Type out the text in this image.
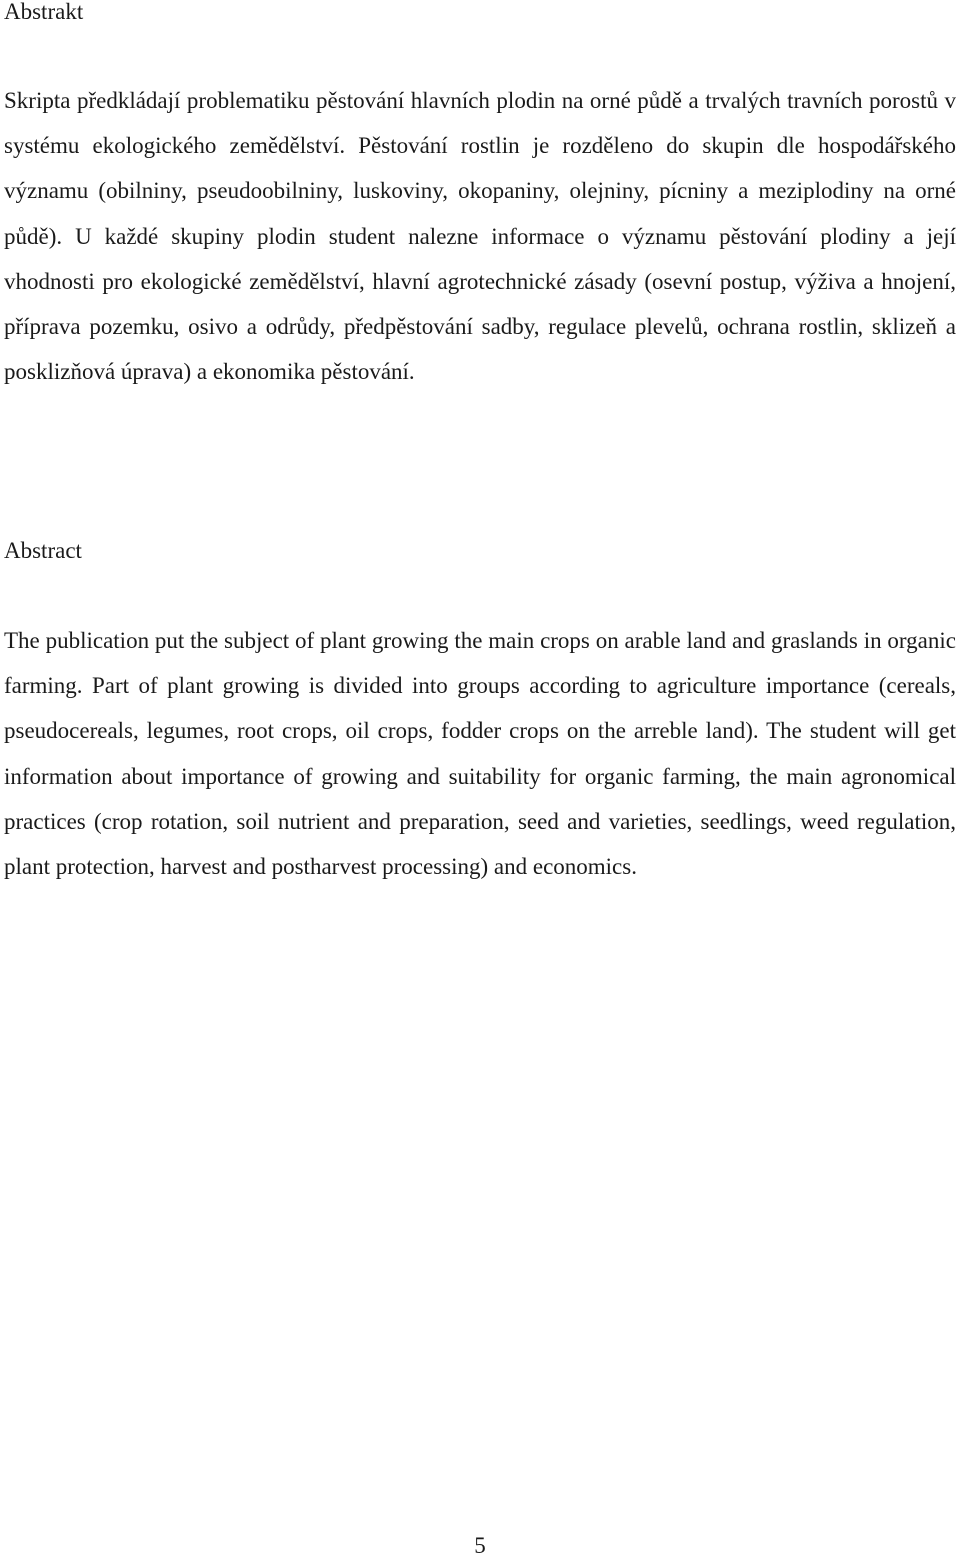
Abstrakt

Skripta předkládají problematiku pěstování hlavních plodin na orné půdě a trvalých travních porostů v systému ekologického zemědělství. Pěstování rostlin je rozděleno do skupin dle hospodářského významu (obilniny, pseudoobilniny, luskoviny, okopaniny, olejniny, pícniny a meziplodiny na orné půdě). U každé skupiny plodin student nalezne informace o významu pěstování plodiny a její vhodnosti pro ekologické zemědělství, hlavní agrotechnické zásady (osevní postup, výživa a hnojení, příprava pozemku, osivo a odrůdy, předpěstování sadby, regulace plevelů, ochrana rostlin, sklizeň a posklizňová úprava) a ekonomika pěstování.

Abstract

The publication put the subject of plant growing the main crops on arable land and graslands in organic farming. Part of plant growing is divided into groups according to agriculture importance (cereals, pseudocereals, legumes, root crops, oil crops, fodder crops on the arreble land). The student will get information about importance of growing and suitability for organic farming, the main agronomical practices (crop rotation, soil nutrient and preparation, seed and varieties, seedlings, weed regulation, plant protection, harvest and postharvest processing) and economics.

5
